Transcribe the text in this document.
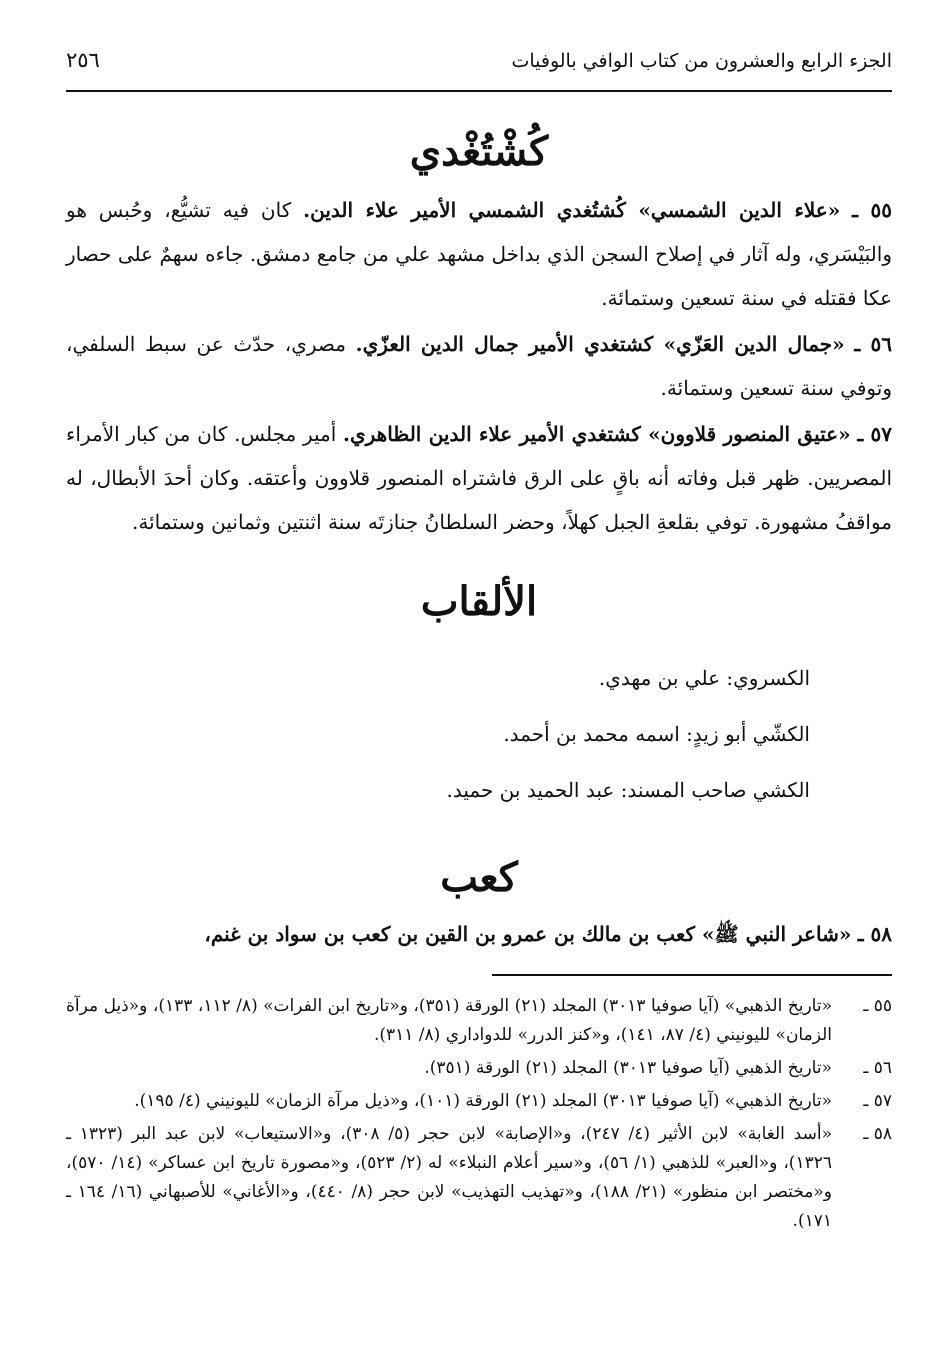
الجزء الرابع والعشرون من كتاب الوافي بالوفيات
٢٥٦
كُشْتُغْدي

٥٥ ـ «علاء الدين الشمسي» كُشتُغدي الشمسي الأمير علاء الدين. كان فيه تشيُّع، وحُبس هو والبَيْسَري، وله آثار في إصلاح السجن الذي بداخل مشهد علي من جامع دمشق. جاءه سهمٌ على حصار عكا فقتله في سنة تسعين وستمائة.

٥٦ ـ «جمال الدين العَزّي» كشتغدي الأمير جمال الدين العزّي. مصري، حدّث عن سبط السلفي، وتوفي سنة تسعين وستمائة.

٥٧ ـ «عتيق المنصور قلاوون» كشتغدي الأمير علاء الدين الظاهري. أمير مجلس. كان من كبار الأمراء المصريين. ظهر قبل وفاته أنه باقٍ على الرق فاشتراه المنصور قلاوون وأعتقه. وكان أحدَ الأبطال، له مواقفُ مشهورة. توفي بقلعةِ الجبل كهلاً، وحضر السلطانُ جنازتَه سنة اثنتين وثمانين وستمائة.

الألقاب

الكسروي: علي بن مهدي.

الكشّي أبو زيدٍ: اسمه محمد بن أحمد.

الكشي صاحب المسند: عبد الحميد بن حميد.

كعب

٥٨ ـ «شاعر النبي ﷺ» كعب بن مالك بن عمرو بن القين بن كعب بن سواد بن غنم،

٥٥ ـ
«تاريخ الذهبي» (آيا صوفيا ٣٠١٣) المجلد (٢١) الورقة (٣٥١)، و«تاريخ ابن الفرات» (٨/ ١١٢، ١٣٣)، و«ذيل مرآة الزمان» لليونيني (٤/ ٨٧، ١٤١)، و«كنز الدرر» للدواداري (٨/ ٣١١).

٥٦ ـ
«تاريخ الذهبي (آيا صوفيا ٣٠١٣) المجلد (٢١) الورقة (٣٥١).

٥٧ ـ
«تاريخ الذهبي» (آيا صوفيا ٣٠١٣) المجلد (٢١) الورقة (١٠١)، و«ذيل مرآة الزمان» لليونيني (٤/ ١٩٥).

٥٨ ـ
«أسد الغابة» لابن الأثير (٤/ ٢٤٧)، و«الإصابة» لابن حجر (٥/ ٣٠٨)، و«الاستيعاب» لابن عبد البر (١٣٢٣ ـ ١٣٢٦)، و«العبر» للذهبي (١/ ٥٦)، و«سير أعلام النبلاء» له (٢/ ٥٢٣)، و«مصورة تاريخ ابن عساكر» (١٤/ ٥٧٠)، و«مختصر ابن منظور» (٢١/ ١٨٨)، و«تهذيب التهذيب» لابن حجر (٨/ ٤٤٠)، و«الأغاني» للأصبهاني (١٦/ ١٦٤ ـ ١٧١).
